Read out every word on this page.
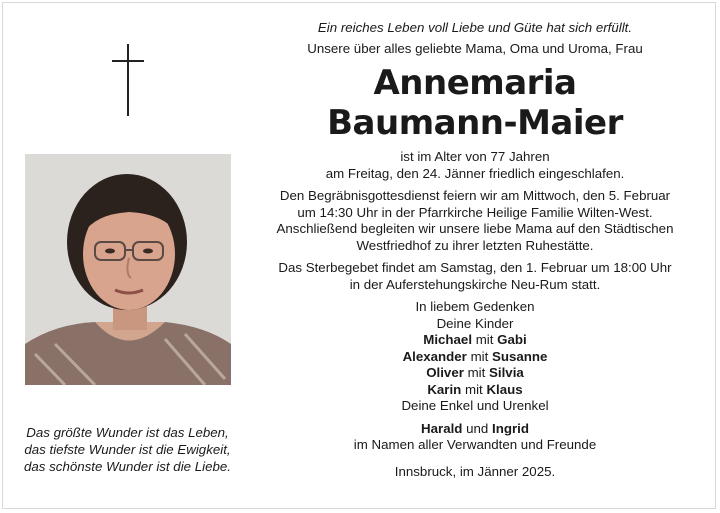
Das größte Wunder ist das Leben,
das tiefste Wunder ist die Ewigkeit,
das schönste Wunder ist die Liebe.
Ein reiches Leben voll Liebe und Güte hat sich erfüllt.
Unsere über alles geliebte Mama, Oma und Uroma, Frau
Annemaria
Baumann-Maier
ist im Alter von 77 Jahren
am Freitag, den 24. Jänner friedlich eingeschlafen.
Den Begräbnisgottesdienst feiern wir am Mittwoch, den 5. Februar
um 14:30 Uhr in der Pfarrkirche Heilige Familie Wilten-West.
Anschließend begleiten wir unsere liebe Mama auf den Städtischen
Westfriedhof zu ihrer letzten Ruhestätte.
Das Sterbegebet findet am Samstag, den 1. Februar um 18:00 Uhr
in der Auferstehungskirche Neu-Rum statt.
In liebem Gedenken
Deine Kinder
Michael mit Gabi
Alexander mit Susanne
Oliver mit Silvia
Karin mit Klaus
Deine Enkel und Urenkel
Harald und Ingrid
im Namen aller Verwandten und Freunde
Innsbruck, im Jänner 2025.
